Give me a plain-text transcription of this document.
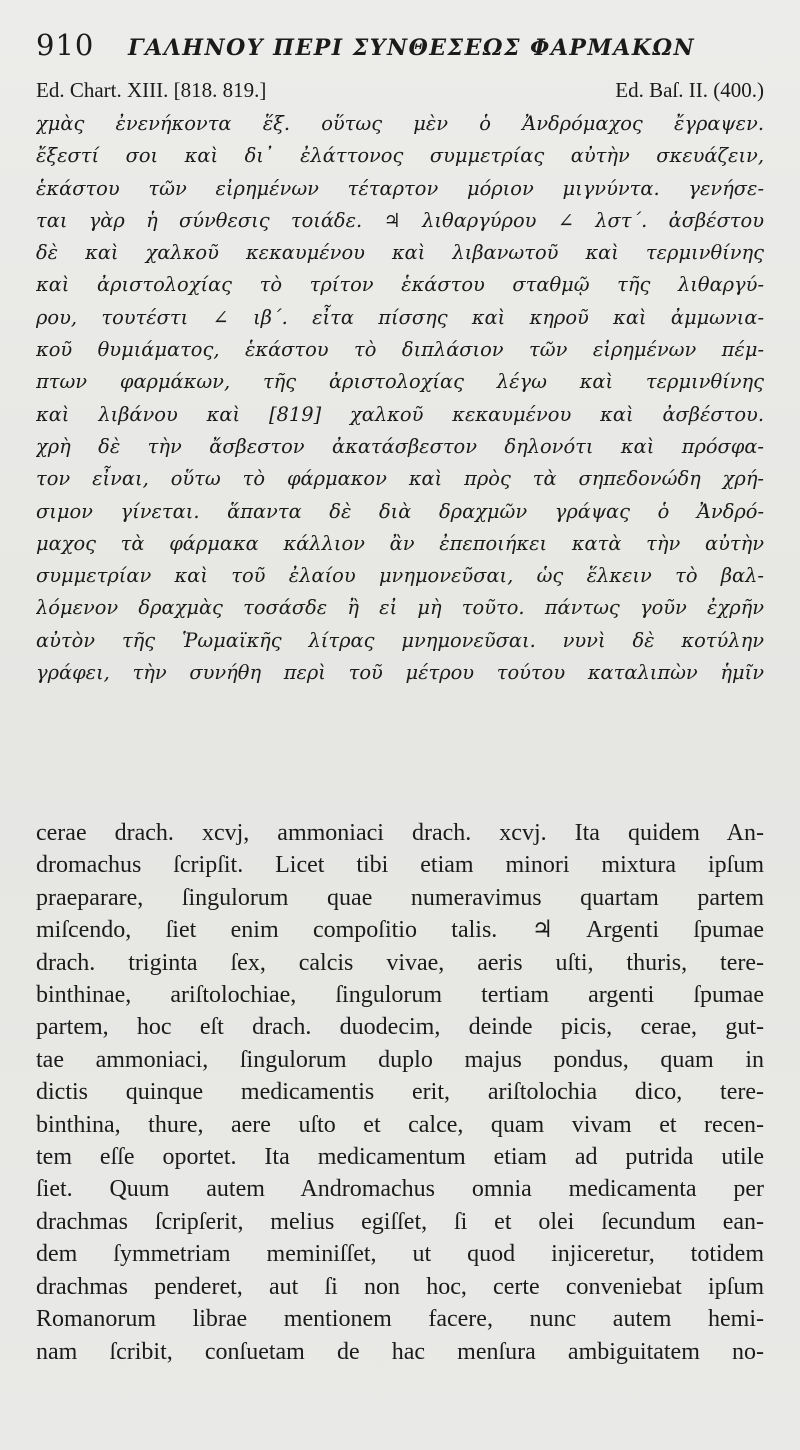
910	ΓΑΛΗΝΟΥ ΠΕΡΙ ΣΥΝΘΕΣΕΩΣ ΦΑΡΜΑΚΩΝ
Ed. Chart. XIII. [818. 819.]	Ed. Baſ. II. (400.)
χμὰς ἐνενήκοντα ἕξ. οὕτως μὲν ὁ Ἀνδρόμαχος ἔγραψεν.
ἔξεστί σοι καὶ δι᾽ ἐλάττονος συμμετρίας αὐτὴν σκευάζειν,
ἑκάστου τῶν εἰρημένων τέταρτον μόριον μιγνύντα. γενήσε-
ται γὰρ ἡ σύνθεσις τοιάδε. ♃ λιθαργύρου ∠ λστ΄. ἀσβέστου
δὲ καὶ χαλκοῦ κεκαυμένου καὶ λιβανωτοῦ καὶ τερμινθίνης
καὶ ἀριστολοχίας τὸ τρίτον ἑκάστου σταθμῷ τῆς λιθαργύ-
ρου, τουτέστι ∠ ιβ΄. εἶτα πίσσης καὶ κηροῦ καὶ ἀμμωνια-
κοῦ θυμιάματος, ἑκάστου τὸ διπλάσιον τῶν εἰρημένων πέμ-
πτων φαρμάκων, τῆς ἀριστολοχίας λέγω καὶ τερμινθίνης
καὶ λιβάνου καὶ [819] χαλκοῦ κεκαυμένου καὶ ἀσβέστου.
χρὴ δὲ τὴν ἄσβεστον ἀκατάσβεστον δηλονότι καὶ πρόσφα-
τον εἶναι, οὕτω τὸ φάρμακον καὶ πρὸς τὰ σηπεδονώδη χρή-
σιμον γίνεται. ἅπαντα δὲ διὰ δραχμῶν γράψας ὁ Ἀνδρό-
μαχος τὰ φάρμακα κάλλιον ἂν ἐπεποιήκει κατὰ τὴν αὐτὴν
συμμετρίαν καὶ τοῦ ἐλαίου μνημονεῦσαι, ὡς ἕλκειν τὸ βαλ-
λόμενον δραχμὰς τοσάσδε ἢ εἰ μὴ τοῦτο. πάντως γοῦν ἐχρῆν
αὐτὸν τῆς Ῥωμαϊκῆς λίτρας μνημονεῦσαι. νυνὶ δὲ κοτύλην
γράφει, τὴν συνήθη περὶ τοῦ μέτρου τούτου καταλιπὼν ἡμῖν
cerae drach. xcvj, ammoniaci drach. xcvj. Ita quidem An-
dromachus ſcripſit. Licet tibi etiam minori mixtura ipſum
praeparare, ſingulorum quae numeravimus quartam partem
miſcendo, ſiet enim compoſitio talis. ♃ Argenti ſpumae
drach. triginta ſex, calcis vivae, aeris uſti, thuris, tere-
binthinae, ariſtolochiae, ſingulorum tertiam argenti ſpumae
partem, hoc eſt drach. duodecim, deinde picis, cerae, gut-
tae ammoniaci, ſingulorum duplo majus pondus, quam in
dictis quinque medicamentis erit, ariſtolochia dico, tere-
binthina, thure, aere uſto et calce, quam vivam et recen-
tem eſſe oportet. Ita medicamentum etiam ad putrida utile
ſiet. Quum autem Andromachus omnia medicamenta per
drachmas ſcripſerit, melius egiſſet, ſi et olei ſecundum ean-
dem ſymmetriam meminiſſet, ut quod injiceretur, totidem
drachmas penderet, aut ſi non hoc, certe conveniebat ipſum
Romanorum librae mentionem facere, nunc autem hemi-
nam ſcribit, conſuetam de hac menſura ambiguitatem no-
